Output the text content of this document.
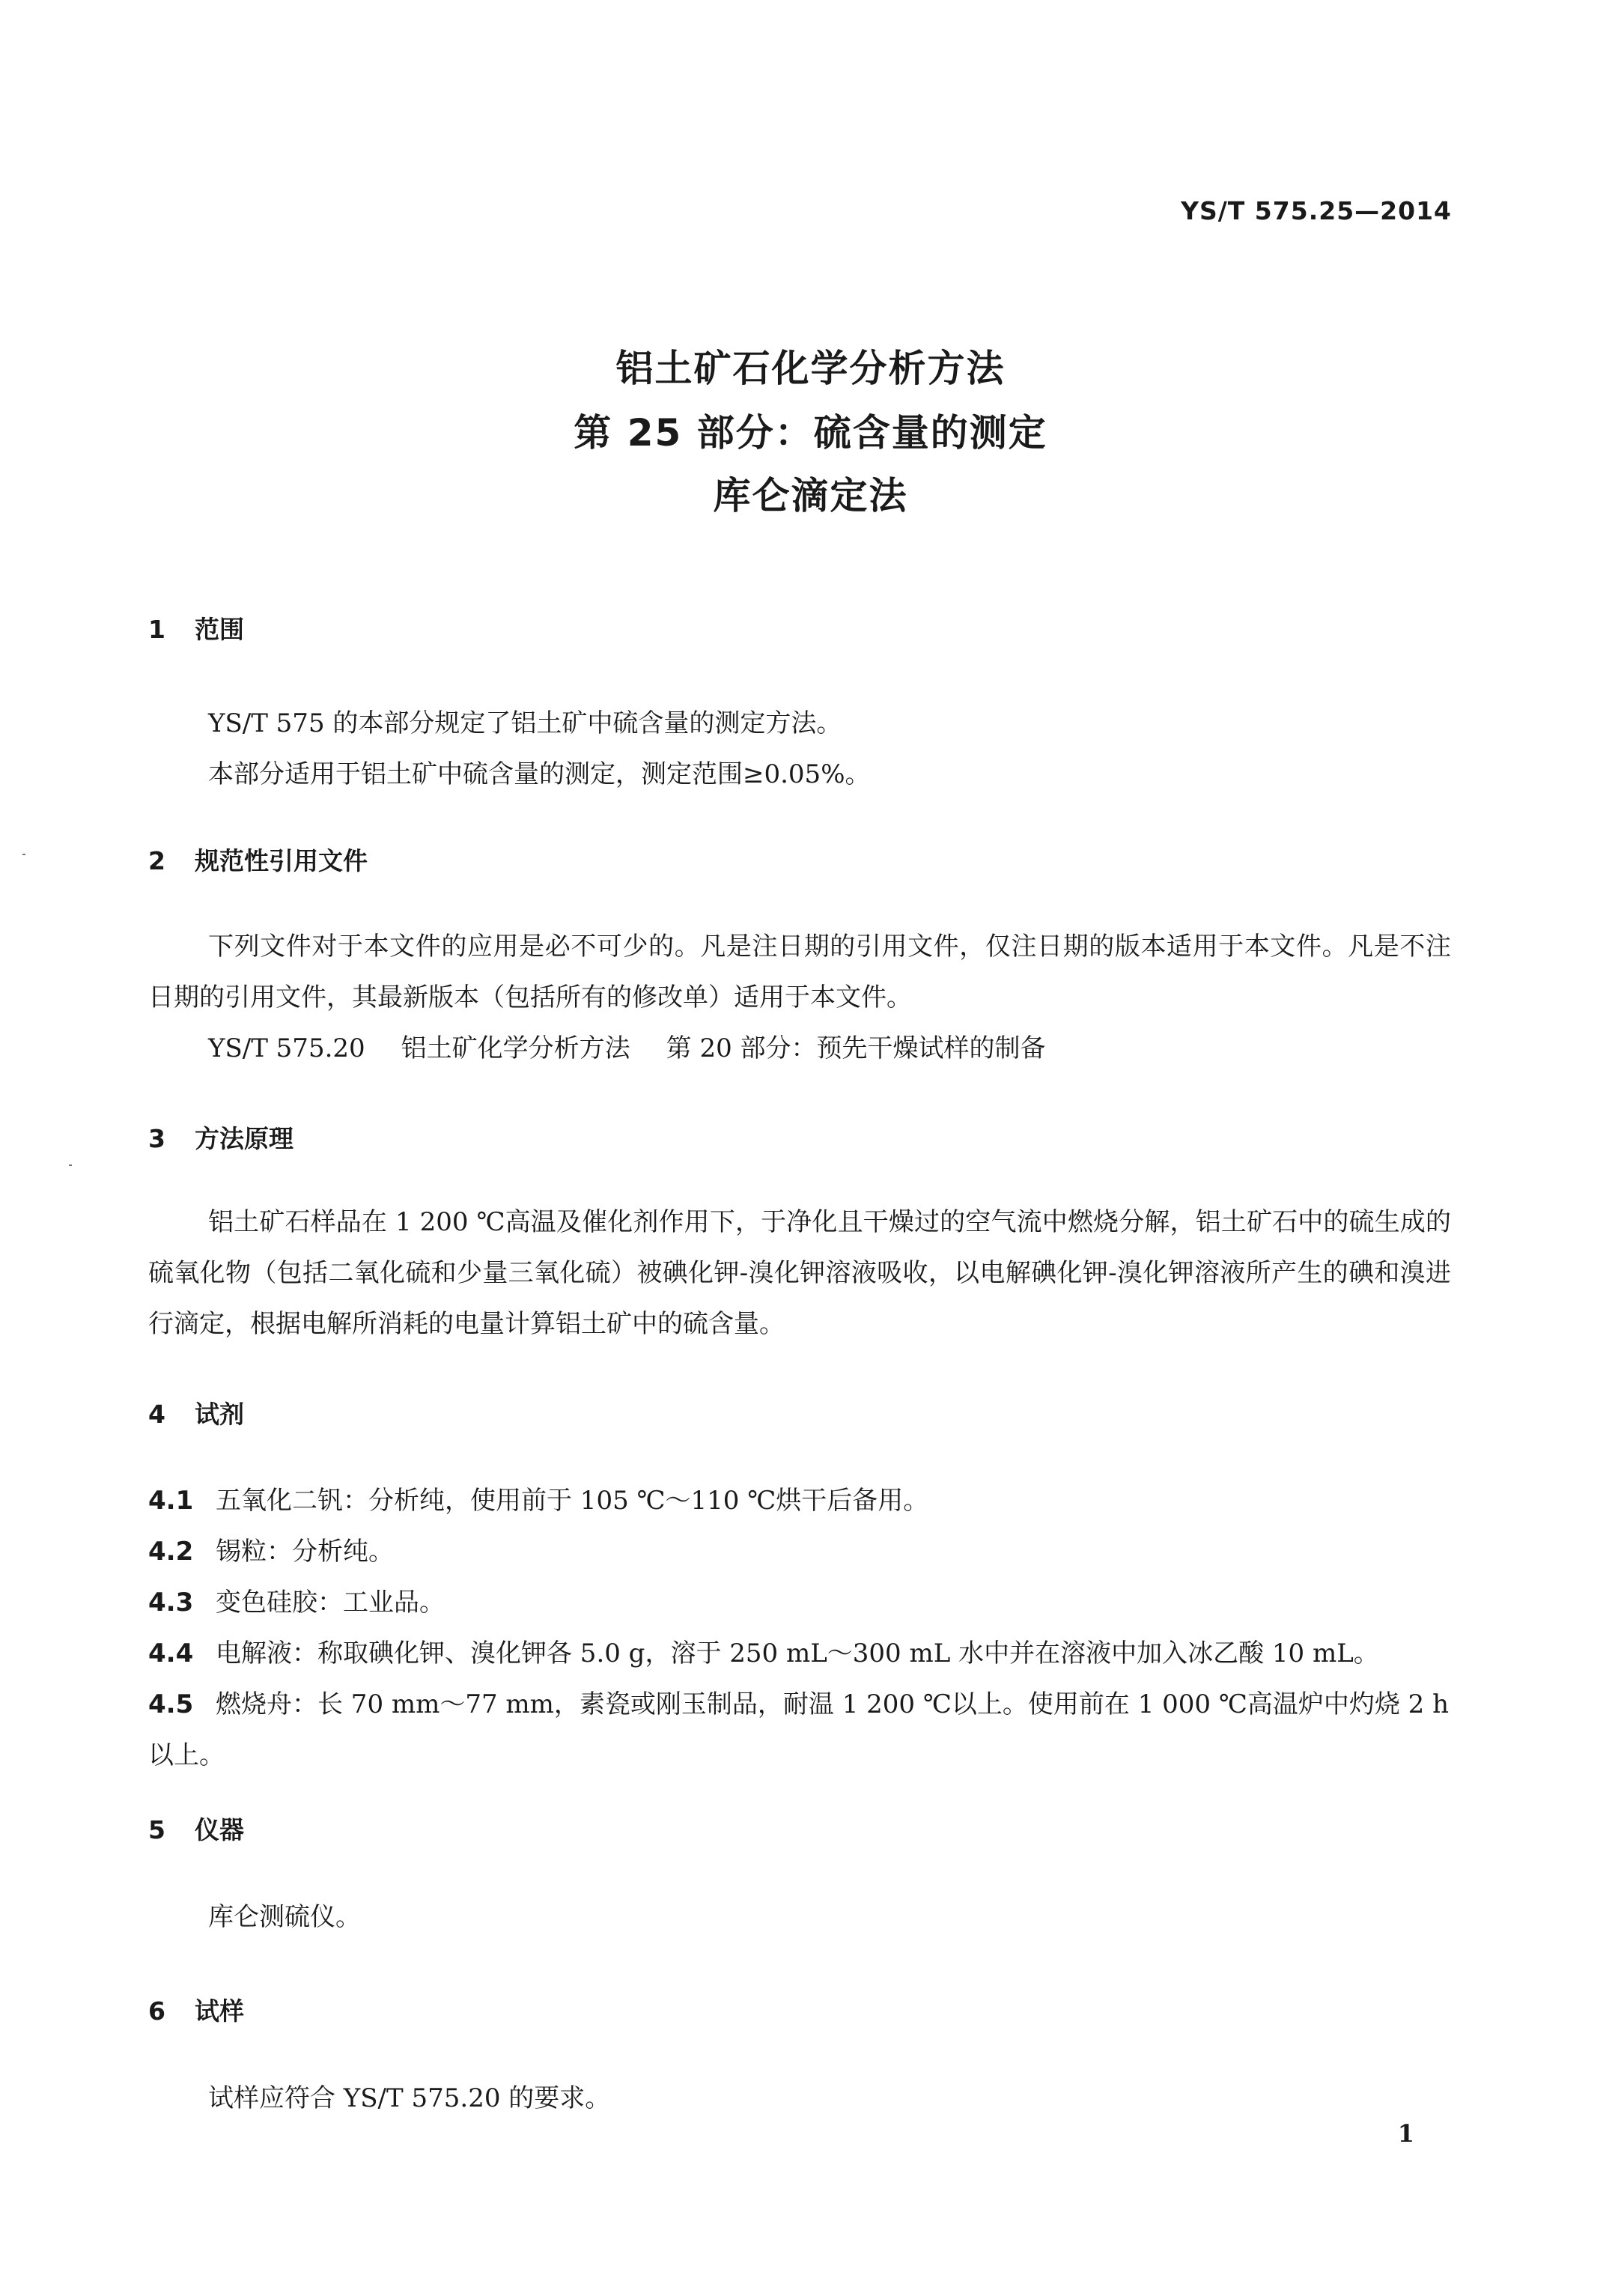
YS/T 575.25—2014
铝土矿石化学分析方法
第 25 部分：硫含量的测定
库仑滴定法
1 范围

YS/T 575 的本部分规定了铝土矿中硫含量的测定方法。

本部分适用于铝土矿中硫含量的测定，测定范围≥0.05%。

2 规范性引用文件

下列文件对于本文件的应用是必不可少的。凡是注日期的引用文件，仅注日期的版本适用于本文件。凡是不注日期的引用文件，其最新版本（包括所有的修改单）适用于本文件。

YS/T 575.20 铝土矿化学分析方法 第 20 部分：预先干燥试样的制备

3 方法原理

铝土矿石样品在 1 200 ℃高温及催化剂作用下，于净化且干燥过的空气流中燃烧分解，铝土矿石中的硫生成的硫氧化物（包括二氧化硫和少量三氧化硫）被碘化钾-溴化钾溶液吸收，以电解碘化钾-溴化钾溶液所产生的碘和溴进行滴定，根据电解所消耗的电量计算铝土矿中的硫含量。

4 试剂
4.1 五氧化二钒：分析纯，使用前于 105 ℃～110 ℃烘干后备用。
4.2 锡粒：分析纯。
4.3 变色硅胶：工业品。
4.4 电解液：称取碘化钾、溴化钾各 5.0 g，溶于 250 mL～300 mL 水中并在溶液中加入冰乙酸 10 mL。
4.5 燃烧舟：长 70 mm～77 mm，素瓷或刚玉制品，耐温 1 200 ℃以上。使用前在 1 000 ℃高温炉中灼烧 2 h 以上。
5 仪器

库仑测硫仪。

6 试样

试样应符合 YS/T 575.20 的要求。

1
